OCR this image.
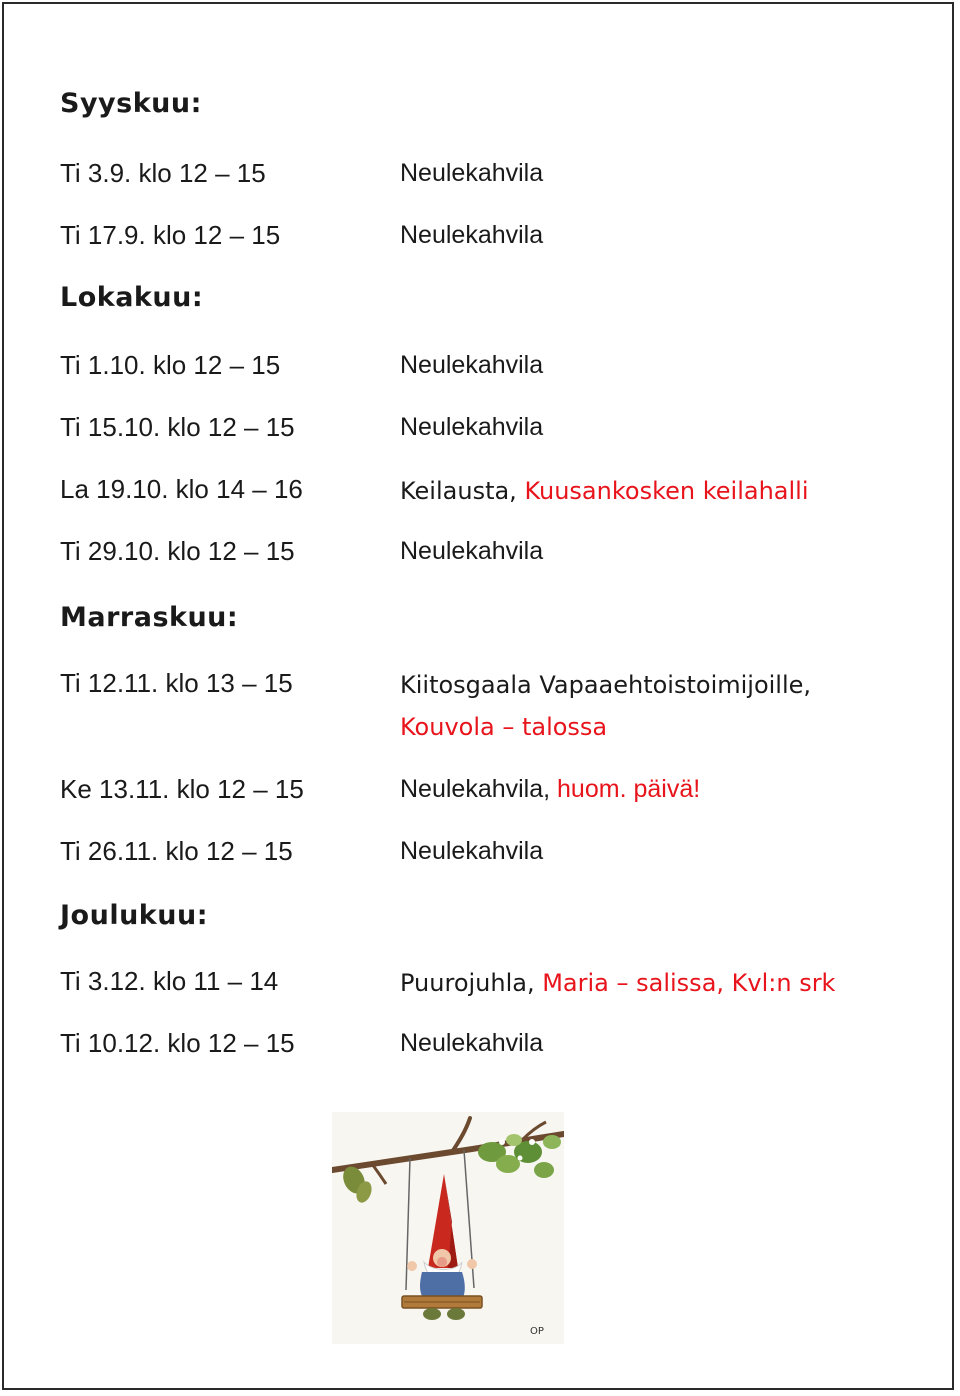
Syyskuu:
Ti 3.9. klo 12 – 15	Neulekahvila
Ti 17.9. klo 12 – 15	Neulekahvila
Lokakuu:
Ti 1.10. klo 12 – 15	Neulekahvila
Ti 15.10. klo 12 – 15	Neulekahvila
La 19.10. klo 14 – 16	Keilausta, Kuusankosken keilahalli
Ti 29.10. klo 12 – 15	Neulekahvila
Marraskuu:
Ti 12.11. klo 13 – 15	Kiitosgaala Vapaaehtoistoimijoille,
Kouvola – talossa
Ke 13.11. klo 12 – 15	Neulekahvila, huom. päivä!
Ti 26.11. klo 12 – 15	Neulekahvila
Joulukuu:
Ti 3.12. klo 11 – 14	Puurojuhla, Maria – salissa, Kvl:n srk
Ti 10.12. klo 12 – 15	Neulekahvila
OP
